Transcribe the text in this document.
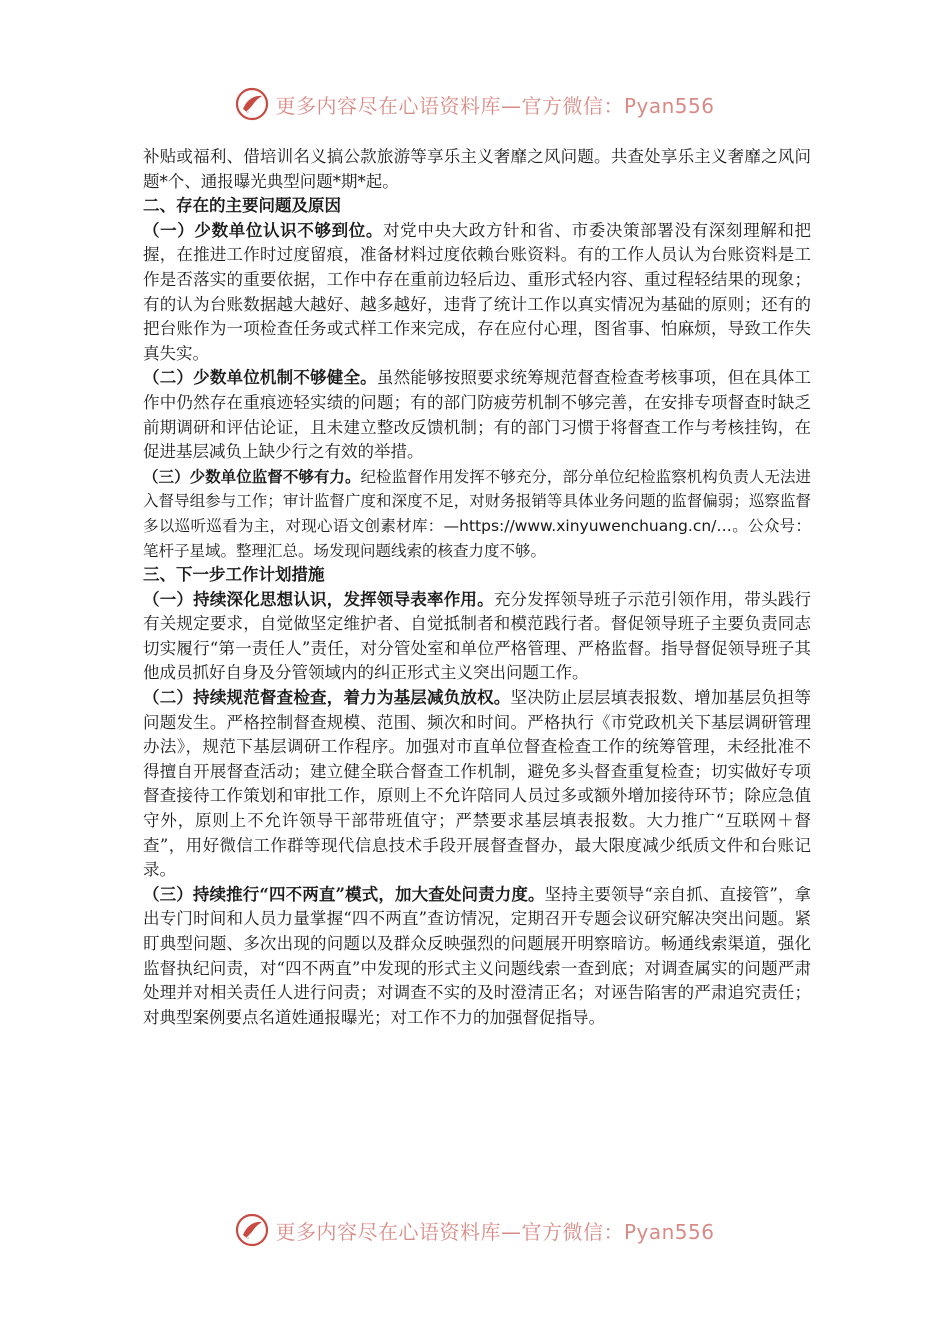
更多内容尽在心语资料库—官方微信：Pyan556

补贴或福利、借培训名义搞公款旅游等享乐主义奢靡之风问题。共查处享乐主义奢靡之风问题*个、通报曝光典型问题*期*起。

二、存在的主要问题及原因

（一）少数单位认识不够到位。对党中央大政方针和省、市委决策部署没有深刻理解和把握，在推进工作时过度留痕，准备材料过度依赖台账资料。有的工作人员认为台账资料是工作是否落实的重要依据，工作中存在重前边轻后边、重形式轻内容、重过程轻结果的现象；有的认为台账数据越大越好、越多越好，违背了统计工作以真实情况为基础的原则；还有的把台账作为一项检查任务或式样工作来完成，存在应付心理，图省事、怕麻烦，导致工作失真失实。

（二）少数单位机制不够健全。虽然能够按照要求统筹规范督查检查考核事项，但在具体工作中仍然存在重痕迹轻实绩的问题；有的部门防疲劳机制不够完善，在安排专项督查时缺乏前期调研和评估论证，且未建立整改反馈机制；有的部门习惯于将督查工作与考核挂钩，在促进基层减负上缺少行之有效的举措。

（三）少数单位监督不够有力。纪检监督作用发挥不够充分，部分单位纪检监察机构负责人无法进入督导组参与工作；审计监督广度和深度不足，对财务报销等具体业务问题的监督偏弱；巡察监督多以巡听巡看为主，对现心语文创素材库：—https://www.xinyuwenchuang.cn/…。公众号：笔杆子星域。整理汇总。场发现问题线索的核查力度不够。

三、下一步工作计划措施

（一）持续深化思想认识，发挥领导表率作用。充分发挥领导班子示范引领作用，带头践行有关规定要求，自觉做坚定维护者、自觉抵制者和模范践行者。督促领导班子主要负责同志切实履行“第一责任人”责任，对分管处室和单位严格管理、严格监督。指导督促领导班子其他成员抓好自身及分管领域内的纠正形式主义突出问题工作。

（二）持续规范督查检查，着力为基层减负放权。坚决防止层层填表报数、增加基层负担等问题发生。严格控制督查规模、范围、频次和时间。严格执行《市党政机关下基层调研管理办法》，规范下基层调研工作程序。加强对市直单位督查检查工作的统筹管理，未经批准不得擅自开展督查活动；建立健全联合督查工作机制，避免多头督查重复检查；切实做好专项督查接待工作策划和审批工作，原则上不允许陪同人员过多或额外增加接待环节；除应急值守外，原则上不允许领导干部带班值守；严禁要求基层填表报数。大力推广“互联网＋督查”，用好微信工作群等现代信息技术手段开展督查督办，最大限度减少纸质文件和台账记录。

（三）持续推行“四不两直”模式，加大查处问责力度。坚持主要领导“亲自抓、直接管”，拿出专门时间和人员力量掌握“四不两直”查访情况，定期召开专题会议研究解决突出问题。紧盯典型问题、多次出现的问题以及群众反映强烈的问题展开明察暗访。畅通线索渠道，强化监督执纪问责，对“四不两直”中发现的形式主义问题线索一查到底；对调查属实的问题严肃处理并对相关责任人进行问责；对调查不实的及时澄清正名；对诬告陷害的严肃追究责任；对典型案例要点名道姓通报曝光；对工作不力的加强督促指导。

更多内容尽在心语资料库—官方微信：Pyan556
